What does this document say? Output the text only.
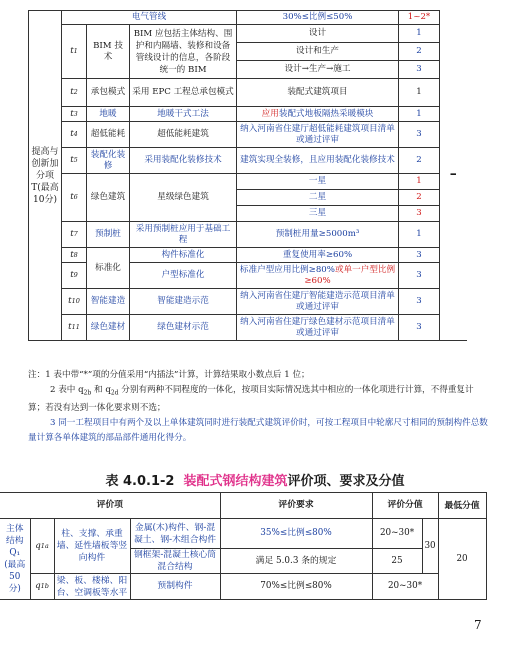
提高与创新加分项T(最高10分)	电气管线			30%≤比例≤50%	1~2*	–
	t1	BIM 技术	BIM 应包括主体结构、围护和内隔墙、装修和设备管线设计的信息，各阶段统一的 BIM	设计	1	
				设计和生产	2	
				设计→生产→施工	3	
	t2	承包模式	采用 EPC 工程总承包模式	装配式建筑项目	1	
	t3	地暖	地暖干式工法	应用装配式地板隔热采暖模块	1	
	t4	超低能耗	超低能耗建筑	纳入河南省住建厅超低能耗建筑项目清单或通过评审	3	
	t5	装配化装修	采用装配化装修技术	建筑实现全装修，且应用装配化装修技术	2	
	t6	绿色建筑	星级绿色建筑	一星	1	
				二星	2	
				三星	3	
	t7	预制桩	采用预制桩应用于基础工程	预制桩用量≥5000m³	1	
	t8	标准化	构件标准化	重复使用率≥60%	3	
	t9		户型标准化	标准户型应用比例≥80%或单一户型比例≥60%	3	
	t10	智能建造	智能建造示范	纳入河南省住建厅智能建造示范项目清单或通过评审	3	
	t11	绿色建材	绿色建材示范	纳入河南省住建厅绿色建材示范项目清单或通过评审	3	

注：1 表中带“*”项的分值采用“内插法”计算，计算结果取小数点后 1 位；

2 表中 $q_{2b}$ 和 $q_{2d}$ 分别有两种不同程度的一体化，按项目实际情况选其中相应的一体化项进行计算，不得重复计算；若没有达到一体化要求则不选；

3 同一工程项目中有两个及以上单体建筑同时进行装配式建筑评价时，可按工程项目中轮廓尺寸相同的预制构件总数量计算各单体建筑的部品部件通用化得分。

表 4.0.1-2 装配式钢结构建筑评价项、要求及分值
评价项				评价要求	评价分值		最低分值
主体结构 Q₁ (最高 50 分)	q1a	柱、支撑、承重墙、延性墙板等竖向构件	金属(木)构件、钢-混凝土、钢-木组合构件	35%≤比例≤80%	20~30*	30	20
			钢框架-混凝土核心筒混合结构	满足 5.0.3 条的规定	25		
	q1b	梁、板、楼梯、阳台、空调板等水平	预制构件	70%≤比例≤80%	20~30*		
7
